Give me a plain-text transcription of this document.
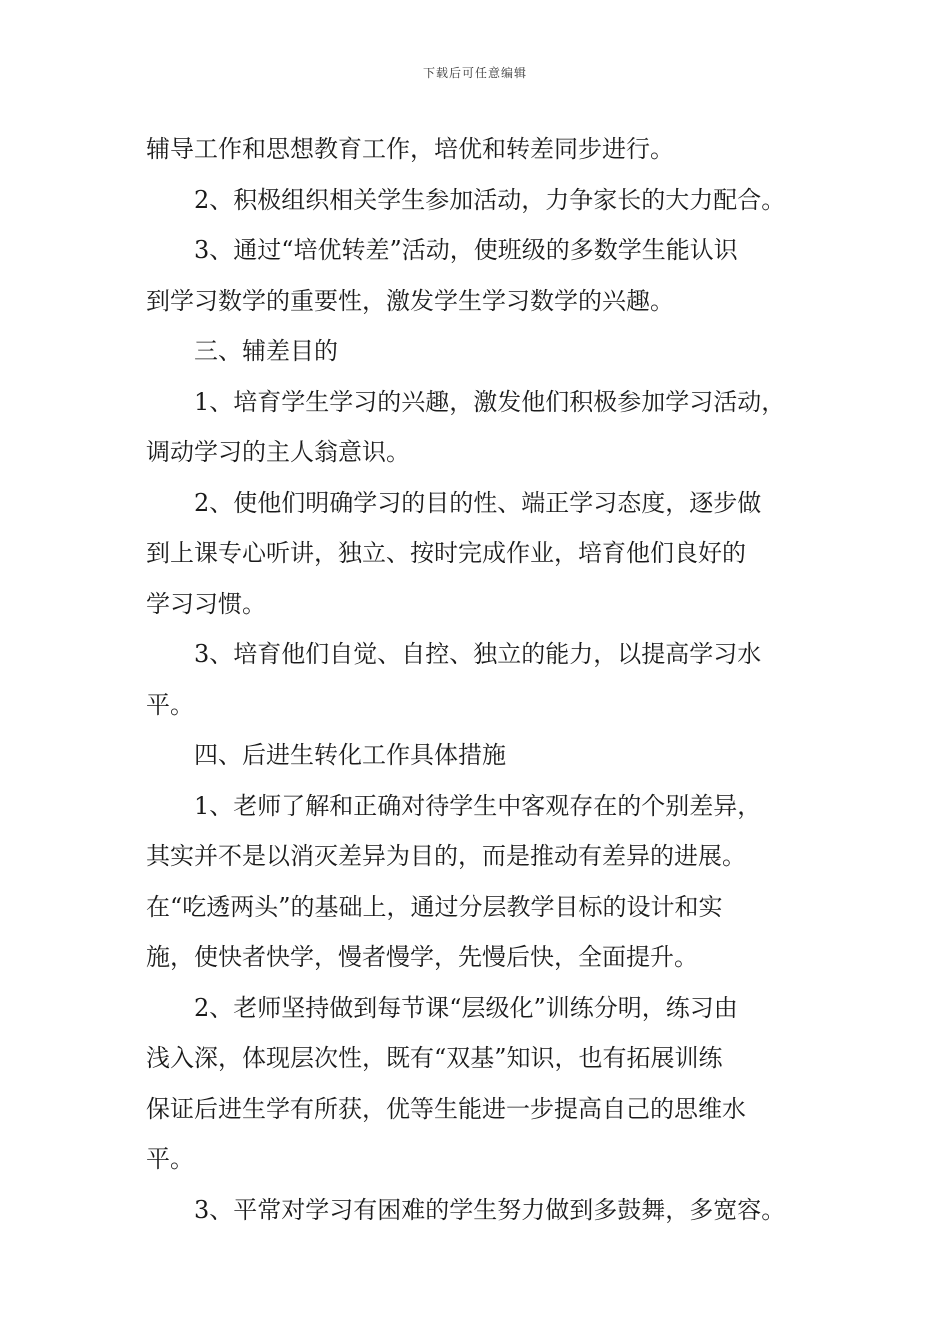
下载后可任意编辑
辅导工作和思想教育工作，培优和转差同步进行。
2、积极组织相关学生参加活动，力争家长的大力配合。
3、通过“培优转差”活动，使班级的多数学生能认识
到学习数学的重要性，激发学生学习数学的兴趣。
三、辅差目的
1、培育学生学习的兴趣，激发他们积极参加学习活动，
调动学习的主人翁意识。
2、使他们明确学习的目的性、端正学习态度，逐步做
到上课专心听讲，独立、按时完成作业，培育他们良好的
学习习惯。
3、培育他们自觉、自控、独立的能力，以提高学习水
平。
四、后进生转化工作具体措施
1、老师了解和正确对待学生中客观存在的个别差异，
其实并不是以消灭差异为目的，而是推动有差异的进展。
在“吃透两头”的基础上，通过分层教学目标的设计和实
施，使快者快学，慢者慢学，先慢后快，全面提升。
2、老师坚持做到每节课“层级化”训练分明，练习由
浅入深，体现层次性，既有“双基”知识，也有拓展训练
保证后进生学有所获，优等生能进一步提高自己的思维水
平。
3、平常对学习有困难的学生努力做到多鼓舞，多宽容。
